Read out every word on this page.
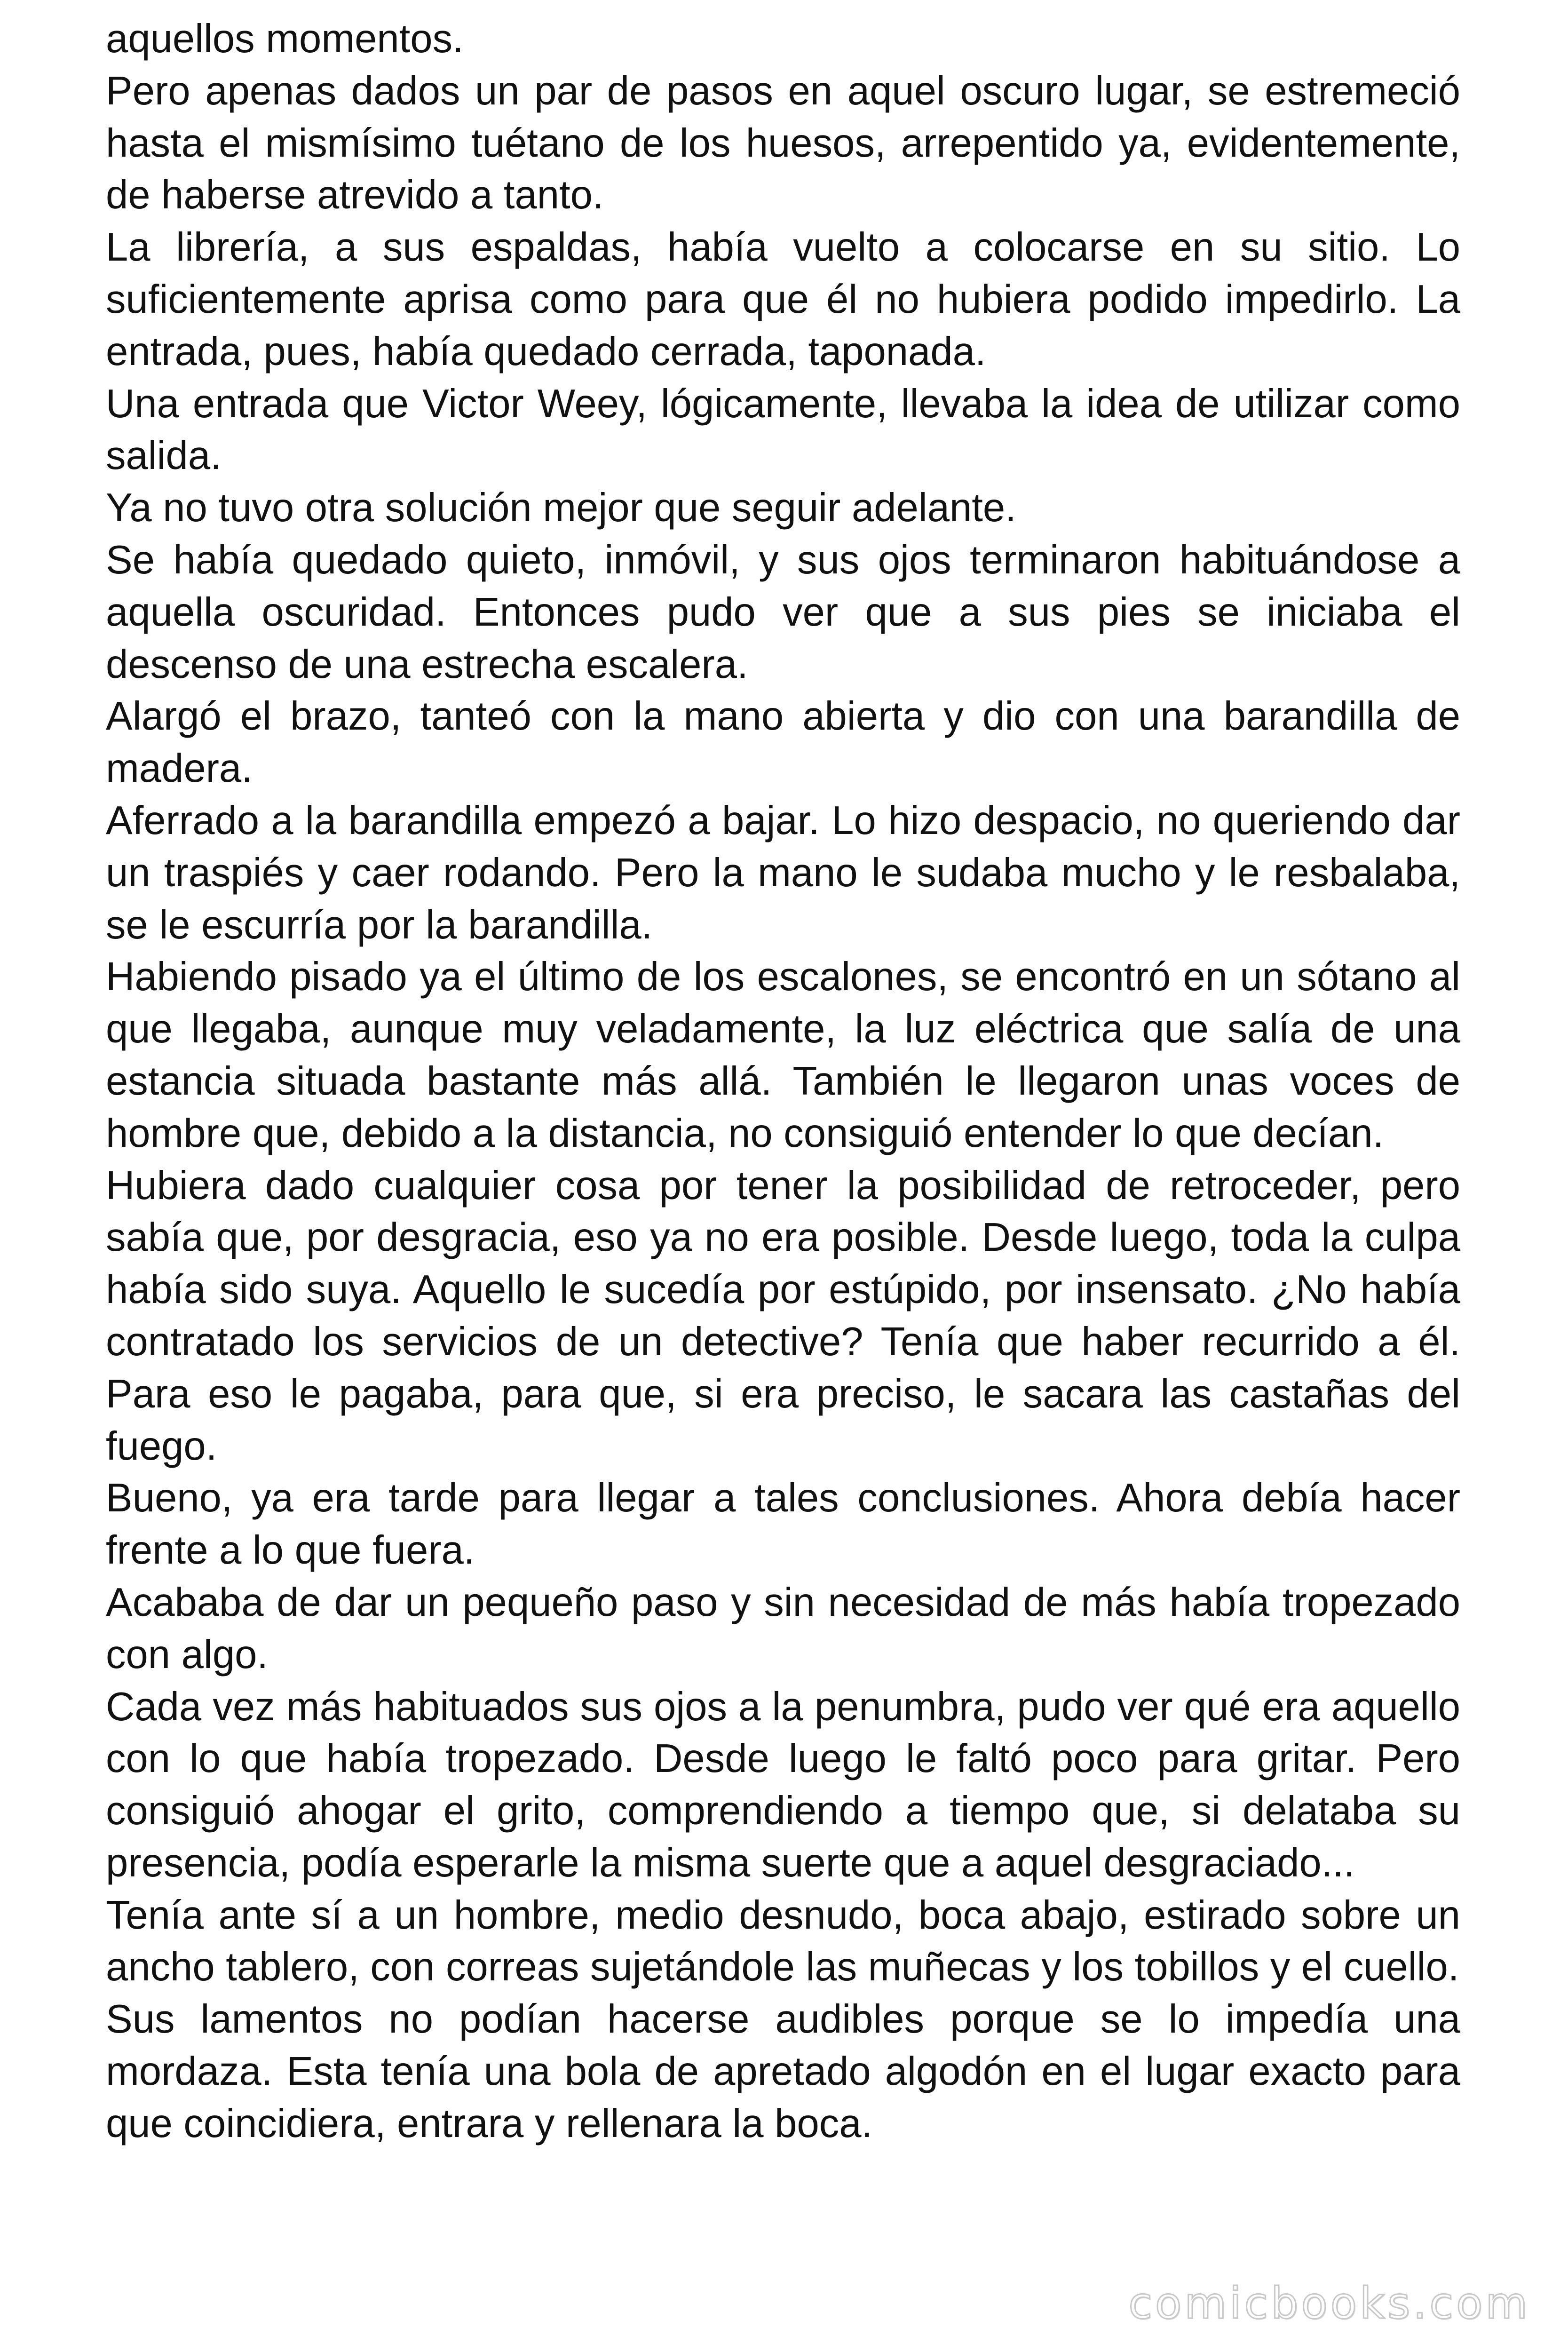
aquellos momentos.

Pero apenas dados un par de pasos en aquel oscuro lugar, se estremeció hasta el mismísimo tuétano de los huesos, arrepentido ya, evidentemente, de haberse atrevido a tanto.

La librería, a sus espaldas, había vuelto a colocarse en su sitio. Lo suficientemente aprisa como para que él no hubiera podido impedirlo. La entrada, pues, había quedado cerrada, taponada.

Una entrada que Victor Weey, lógicamente, llevaba la idea de utilizar como salida.

Ya no tuvo otra solución mejor que seguir adelante.

Se había quedado quieto, inmóvil, y sus ojos terminaron habituándose a aquella oscuridad. Entonces pudo ver que a sus pies se iniciaba el descenso de una estrecha escalera.

Alargó el brazo, tanteó con la mano abierta y dio con una barandilla de madera.

Aferrado a la barandilla empezó a bajar. Lo hizo despacio, no queriendo dar un traspiés y caer rodando. Pero la mano le sudaba mucho y le resbalaba, se le escurría por la barandilla.

Habiendo pisado ya el último de los escalones, se encontró en un sótano al que llegaba, aunque muy veladamente, la luz eléctrica que salía de una estancia situada bastante más allá. También le llegaron unas voces de hombre que, debido a la distancia, no consiguió entender lo que decían.

Hubiera dado cualquier cosa por tener la posibilidad de retroceder, pero sabía que, por desgracia, eso ya no era posible. Desde luego, toda la culpa había sido suya. Aquello le sucedía por estúpido, por insensato. ¿No había contratado los servicios de un detective? Tenía que haber recurrido a él. Para eso le pagaba, para que, si era preciso, le sacara las castañas del fuego.

Bueno, ya era tarde para llegar a tales conclusiones. Ahora debía hacer frente a lo que fuera.

Acababa de dar un pequeño paso y sin necesidad de más había tropezado con algo.

Cada vez más habituados sus ojos a la penumbra, pudo ver qué era aquello con lo que había tropezado. Desde luego le faltó poco para gritar. Pero consiguió ahogar el grito, comprendiendo a tiempo que, si delataba su presencia, podía esperarle la misma suerte que a aquel desgraciado...

Tenía ante sí a un hombre, medio desnudo, boca abajo, estirado sobre un ancho tablero, con correas sujetándole las muñecas y los tobillos y el cuello.

Sus lamentos no podían hacerse audibles porque se lo impedía una mordaza. Esta tenía una bola de apretado algodón en el lugar exacto para que coincidiera, entrara y rellenara la boca.

comicbooks.com
